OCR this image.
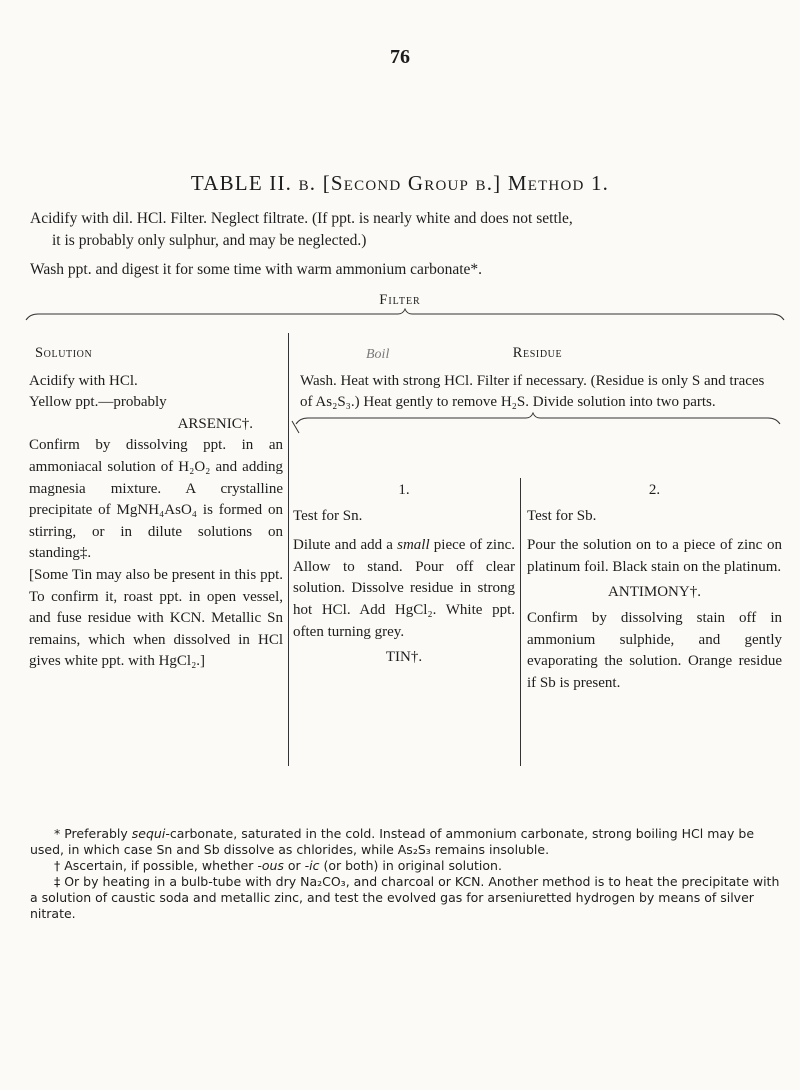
76
TABLE II. b. [Second Group b.] Method 1.
Acidify with dil. HCl. Filter. Neglect filtrate. (If ppt. is nearly white and does not settle,
it is probably only sulphur, and may be neglected.)
Wash ppt. and digest it for some time with warm ammonium carbonate*.
Filter
Solution
Acidify with HCl.
Yellow ppt.—probably
ARSENIC†.
Confirm by dissolving ppt. in an ammoniacal solution of H₂O₂ and adding magnesia mixture. A crystalline precipitate of MgNH₄AsO₄ is formed on stirring, or in dilute solutions on standing‡.
[Some Tin may also be present in this ppt. To confirm it, roast ppt. in open vessel, and fuse residue with KCN. Metallic Sn remains, which when dissolved in HCl gives white ppt. with HgCl₂.]
Boil	Residue
Wash. Heat with strong HCl. Filter if necessary. (Residue is only S and traces of As₂S₃.) Heat gently to remove H₂S. Divide solution into two parts.
1.
Test for Sn.
Dilute and add a small piece of zinc. Allow to stand. Pour off clear solution. Dissolve residue in strong hot HCl. Add HgCl₂. White ppt. often turning grey.
TIN†.
2.
Test for Sb.
Pour the solution on to a piece of zinc on platinum foil. Black stain on the platinum.
ANTIMONY†.
Confirm by dissolving stain off in ammonium sulphide, and gently evaporating the solution. Orange residue if Sb is present.
* Preferably sequi-carbonate, saturated in the cold. Instead of ammonium carbonate, strong boiling HCl may be used, in which case Sn and Sb dissolve as chlorides, while As₂S₃ remains insoluble.
† Ascertain, if possible, whether -ous or -ic (or both) in original solution.
‡ Or by heating in a bulb-tube with dry Na₂CO₃, and charcoal or KCN. Another method is to heat the precipitate with a solution of caustic soda and metallic zinc, and test the evolved gas for arseniuretted hydrogen by means of silver nitrate.
